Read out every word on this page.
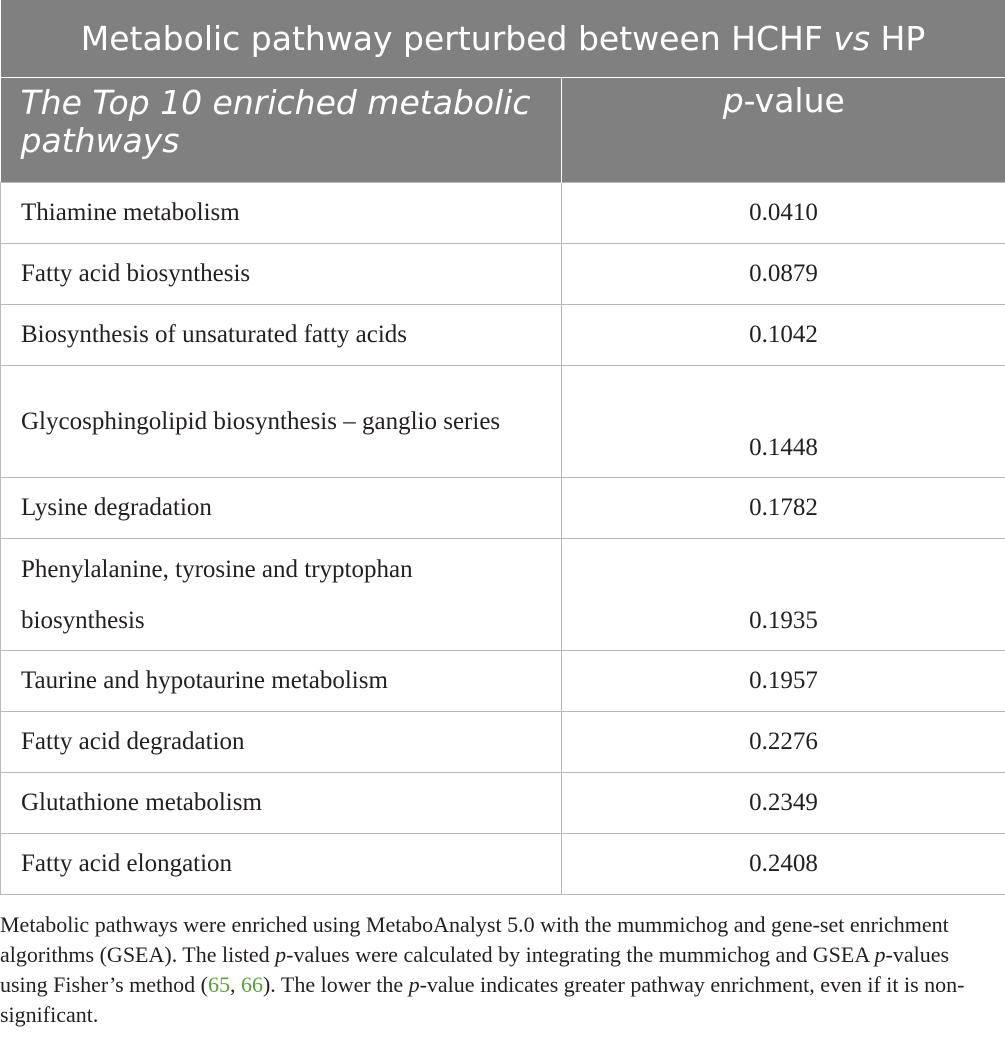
Metabolic pathway perturbed between HCHF vs HP	
The Top 10 enriched metabolic pathways	p-value
Thiamine metabolism	0.0410
Fatty acid biosynthesis	0.0879
Biosynthesis of unsaturated fatty acids	0.1042
Glycosphingolipid biosynthesis – ganglio series	0.1448
Lysine degradation	0.1782
Phenylalanine, tyrosine and tryptophan biosynthesis	0.1935
Taurine and hypotaurine metabolism	0.1957
Fatty acid degradation	0.2276
Glutathione metabolism	0.2349
Fatty acid elongation	0.2408

Metabolic pathways were enriched using MetaboAnalyst 5.0 with the mummichog and gene-set enrichment algorithms (GSEA). The listed p-values were calculated by integrating the mummichog and GSEA p-values using Fisher’s method (65, 66). The lower the p-value indicates greater pathway enrichment, even if it is non-significant.
